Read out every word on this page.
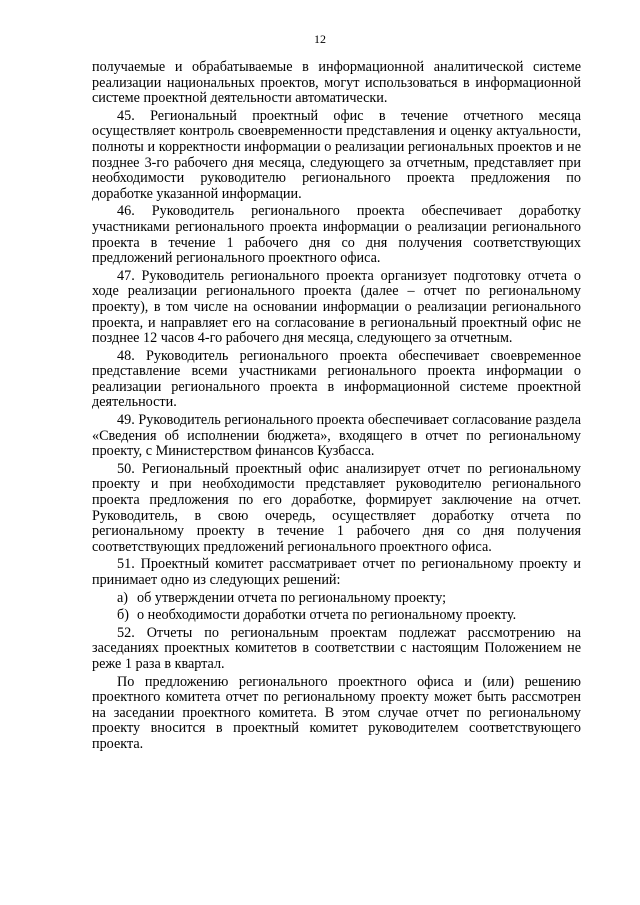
12

получаемые и обрабатываемые в информационной аналитической системе реализации национальных проектов, могут использоваться в информационной системе проектной деятельности автоматически.

45. Региональный проектный офис в течение отчетного месяца осуществляет контроль своевременности представления и оценку актуальности, полноты и корректности информации о реализации региональных проектов и не позднее 3-го рабочего дня месяца, следующего за отчетным, представляет при необходимости руководителю регионального проекта предложения по доработке указанной информации.

46. Руководитель регионального проекта обеспечивает доработку участниками регионального проекта информации о реализации регионального проекта в течение 1 рабочего дня со дня получения соответствующих предложений регионального проектного офиса.

47. Руководитель регионального проекта организует подготовку отчета о ходе реализации регионального проекта (далее – отчет по региональному проекту), в том числе на основании информации о реализации регионального проекта, и направляет его на согласование в региональный проектный офис не позднее 12 часов 4-го рабочего дня месяца, следующего за отчетным.

48. Руководитель регионального проекта обеспечивает своевременное представление всеми участниками регионального проекта информации о реализации регионального проекта в информационной системе проектной деятельности.

49. Руководитель регионального проекта обеспечивает согласование раздела «Сведения об исполнении бюджета», входящего в отчет по региональному проекту, с Министерством финансов Кузбасса.

50. Региональный проектный офис анализирует отчет по региональному проекту и при необходимости представляет руководителю регионального проекта предложения по его доработке, формирует заключение на отчет. Руководитель, в свою очередь, осуществляет доработку отчета по региональному проекту в течение 1 рабочего дня со дня получения соответствующих предложений регионального проектного офиса.

51. Проектный комитет рассматривает отчет по региональному проекту и принимает одно из следующих решений:

а) об утверждении отчета по региональному проекту;
б) о необходимости доработки отчета по региональному проекту.

52. Отчеты по региональным проектам подлежат рассмотрению на заседаниях проектных комитетов в соответствии с настоящим Положением не реже 1 раза в квартал.

По предложению регионального проектного офиса и (или) решению проектного комитета отчет по региональному проекту может быть рассмотрен на заседании проектного комитета. В этом случае отчет по региональному проекту вносится в проектный комитет руководителем соответствующего проекта.
